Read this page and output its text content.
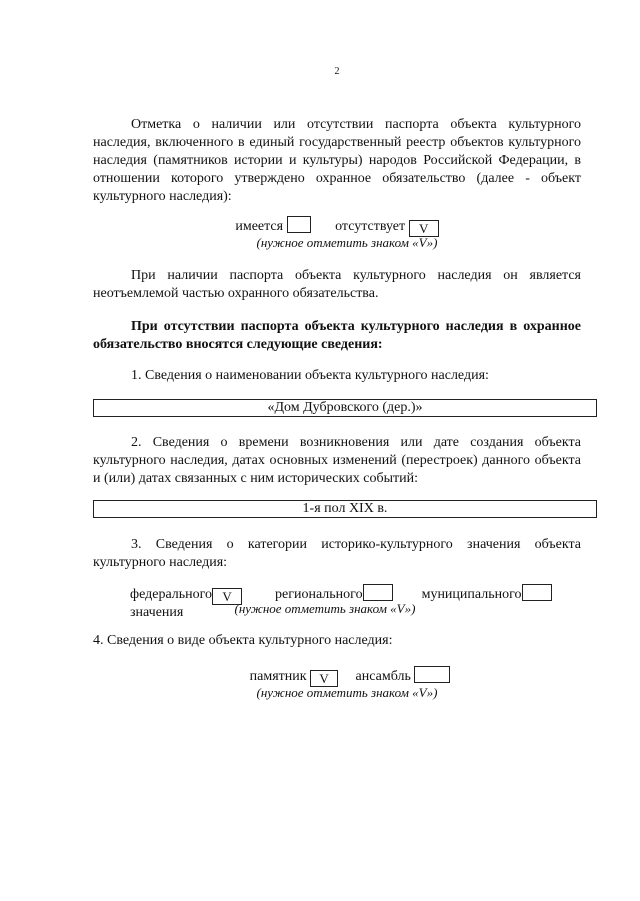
2
Отметка о наличии или отсутствии паспорта объекта культурного наследия, включенного в единый государственный реестр объектов культурного наследия (памятников истории и культуры) народов Российской Федерации, в отношении которого утверждено охранное обязательство (далее - объект культурного наследия):
имеется	отсутствует V
(нужное отметить знаком «V»)
При наличии паспорта объекта культурного наследия он является неотъемлемой частью охранного обязательства.
При отсутствии паспорта объекта культурного наследия в охранное обязательство вносятся следующие сведения:
1. Сведения о наименовании объекта культурного наследия:
«Дом Дубровского (дер.)»
2. Сведения о времени возникновения или дате создания объекта культурного наследия, датах основных изменений (перестроек) данного объекта и (или) датах связанных с ним исторических событий:
1-я пол XIX в.
3. Сведения о категории историко-культурного значения объекта культурного наследия:
федерального V	регионального	муниципального значения	(нужное отметить знаком «V»)
4. Сведения о виде объекта культурного наследия:
памятник V ансамбль
(нужное отметить знаком «V»)
